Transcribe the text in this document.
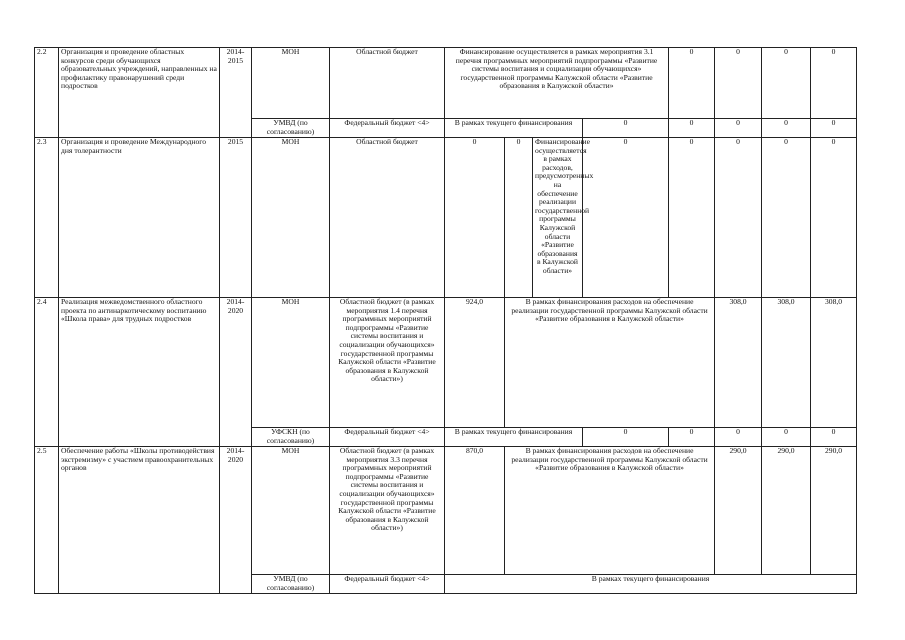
2.2	Организация и проведение областных конкурсов среди обучающихся образовательных учреждений, направленных на профилактику правонарушений среди подростков	2014-2015	МОН	Областной бюджет	Финансирование осуществляется в рамках мероприятия 3.1 перечня программных мероприятий подпрограммы «Развитие системы воспитания и социализации обучающихся» государственной программы Калужской области «Развитие образования в Калужской области»				0	0	0	0
			УМВД (по согласованию)	Федеральный бюджет <4>	В рамках текущего финансирования			0	0	0	0	0
2.3	Организация и проведение Международного дня толерантности	2015	МОН	Областной бюджет	0	0	Финансирование осуществляется в рамках расходов, предусмотренных на обеспечение реализации государственной программы Калужской области «Развитие образования в Калужской области»	0	0	0	0	0
2.4	Реализация межведомственного областного проекта по антинаркотическому воспитанию «Школа права» для трудных подростков	2014-2020	МОН	Областной бюджет (в рамках мероприятия 1.4 перечня программных мероприятий подпрограммы «Развитие системы воспитания и социализации обучающихся» государственной программы Калужской области «Развитие образования в Калужской области»)	924,0	В рамках финансирования расходов на обеспечение реализации государственной программы Калужской области «Развитие образования в Калужской области»				308,0	308,0	308,0
			УФСКН (по согласованию)	Федеральный бюджет <4>	В рамках текущего финансирования			0	0	0	0	0
2.5	Обеспечение работы «Школы противодействия экстремизму» с участием правоохранительных органов	2014-2020	МОН	Областной бюджет (в рамках мероприятия 3.3 перечня программных мероприятий подпрограммы «Развитие системы воспитания и социализации обучающихся» государственной программы Калужской области «Развитие образования в Калужской области»)	870,0	В рамках финансирования расходов на обеспечение реализации государственной программы Калужской области «Развитие образования в Калужской области»				290,0	290,0	290,0
			УМВД (по согласованию)	Федеральный бюджет <4>	В рамках текущего финансирования							
